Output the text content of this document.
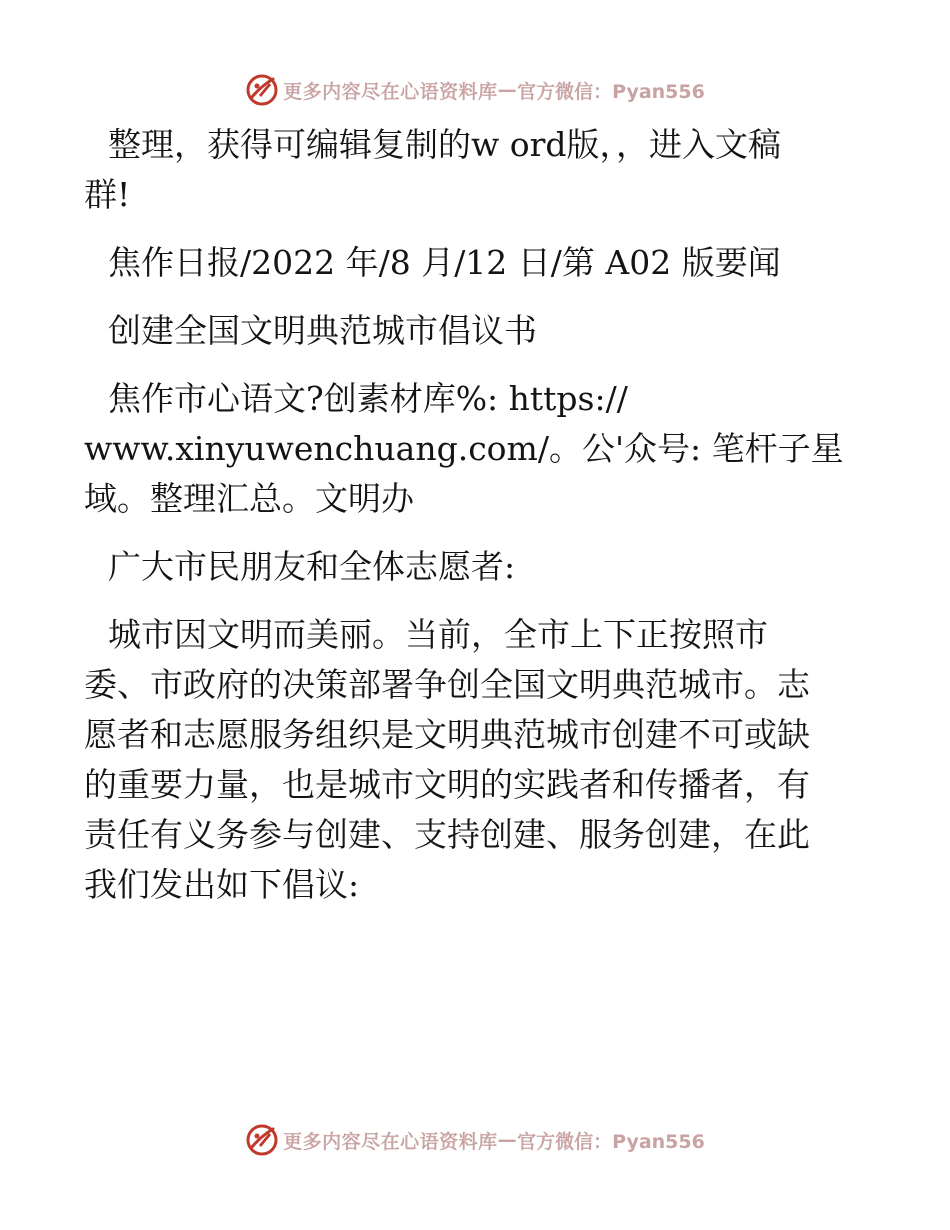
更多内容尽在心语资料库 — 官方微信：Pyan556
整理，获得可编辑复制的w ord版，，进入文稿
群!
焦作日报/2022 年/8 月/12 日/第 A02 版要闻
创建全国文明典范城市倡议书
焦作市心语文?创素材库%: https://
www.xinyuwenchuang.com/。公'众号: 笔杆子星
域。整理汇总。文明办
广大市民朋友和全体志愿者:
城市因文明而美丽。当前，全市上下正按照市
委、市政府的决策部署争创全国文明典范城市。志
愿者和志愿服务组织是文明典范城市创建不可或缺
的重要力量，也是城市文明的实践者和传播者，有
责任有义务参与创建、支持创建、服务创建，在此
我们发出如下倡议:
更多内容尽在心语资料库 — 官方微信：Pyan556
